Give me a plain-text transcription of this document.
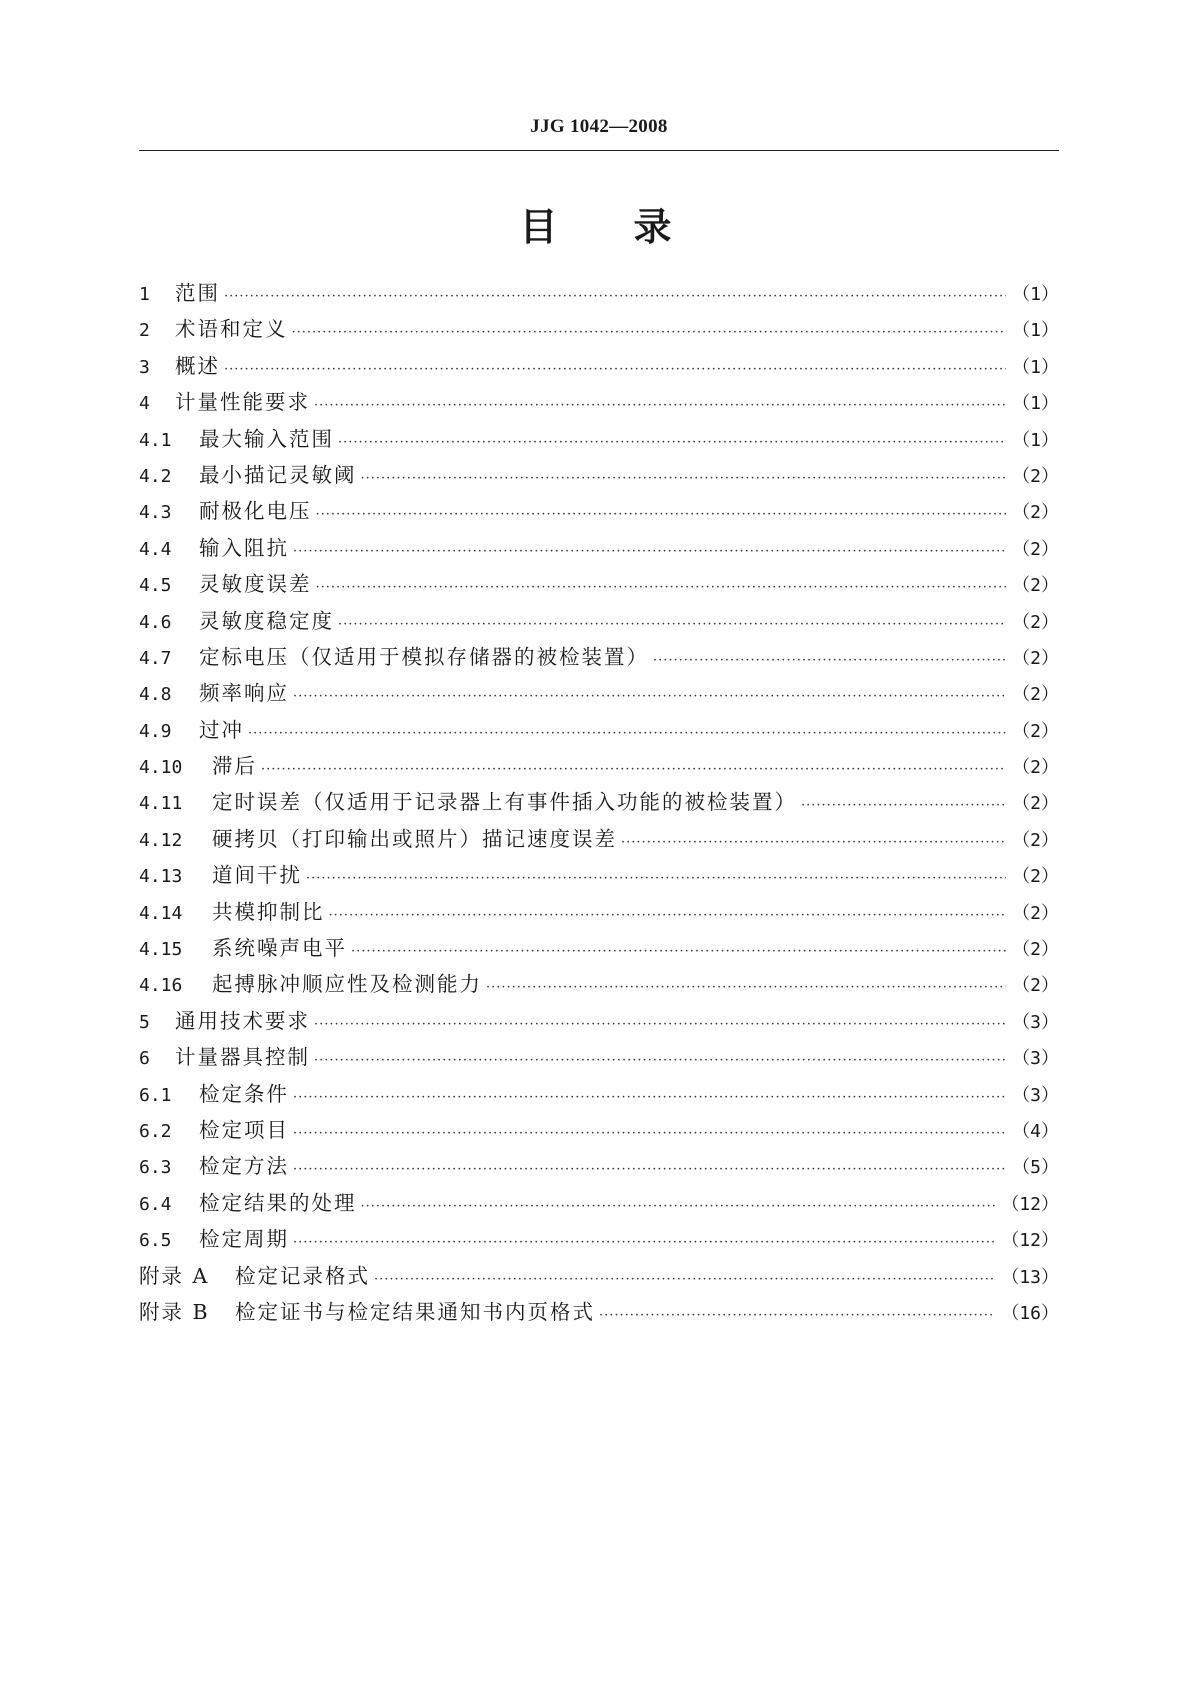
JJG 1042—2008
目 录
1	范围 ·····	（1）
2	术语和定义 ·····	（1）
3	概述 ·····	（1）
4	计量性能要求 ·····	（1）
4.1	最大输入范围 ·····	（1）
4.2	最小描记灵敏阈 ·····	（2）
4.3	耐极化电压 ·····	（2）
4.4	输入阻抗 ·····	（2）
4.5	灵敏度误差 ·····	（2）
4.6	灵敏度稳定度 ·····	（2）
4.7	定标电压（仅适用于模拟存储器的被检装置） ·····	（2）
4.8	频率响应 ·····	（2）
4.9	过冲 ·····	（2）
4.10	滞后 ·····	（2）
4.11	定时误差（仅适用于记录器上有事件插入功能的被检装置） ·····	（2）
4.12	硬拷贝（打印输出或照片）描记速度误差 ·····	（2）
4.13	道间干扰 ·····	（2）
4.14	共模抑制比 ·····	（2）
4.15	系统噪声电平 ·····	（2）
4.16	起搏脉冲顺应性及检测能力 ·····	（2）
5	通用技术要求 ·····	（3）
6	计量器具控制 ·····	（3）
6.1	检定条件 ·····	（3）
6.2	检定项目 ·····	（4）
6.3	检定方法 ·····	（5）
6.4	检定结果的处理 ·····	（12）
6.5	检定周期 ·····	（12）
附录 A	检定记录格式 ·····	（13）
附录 B	检定证书与检定结果通知书内页格式 ·····	（16）
